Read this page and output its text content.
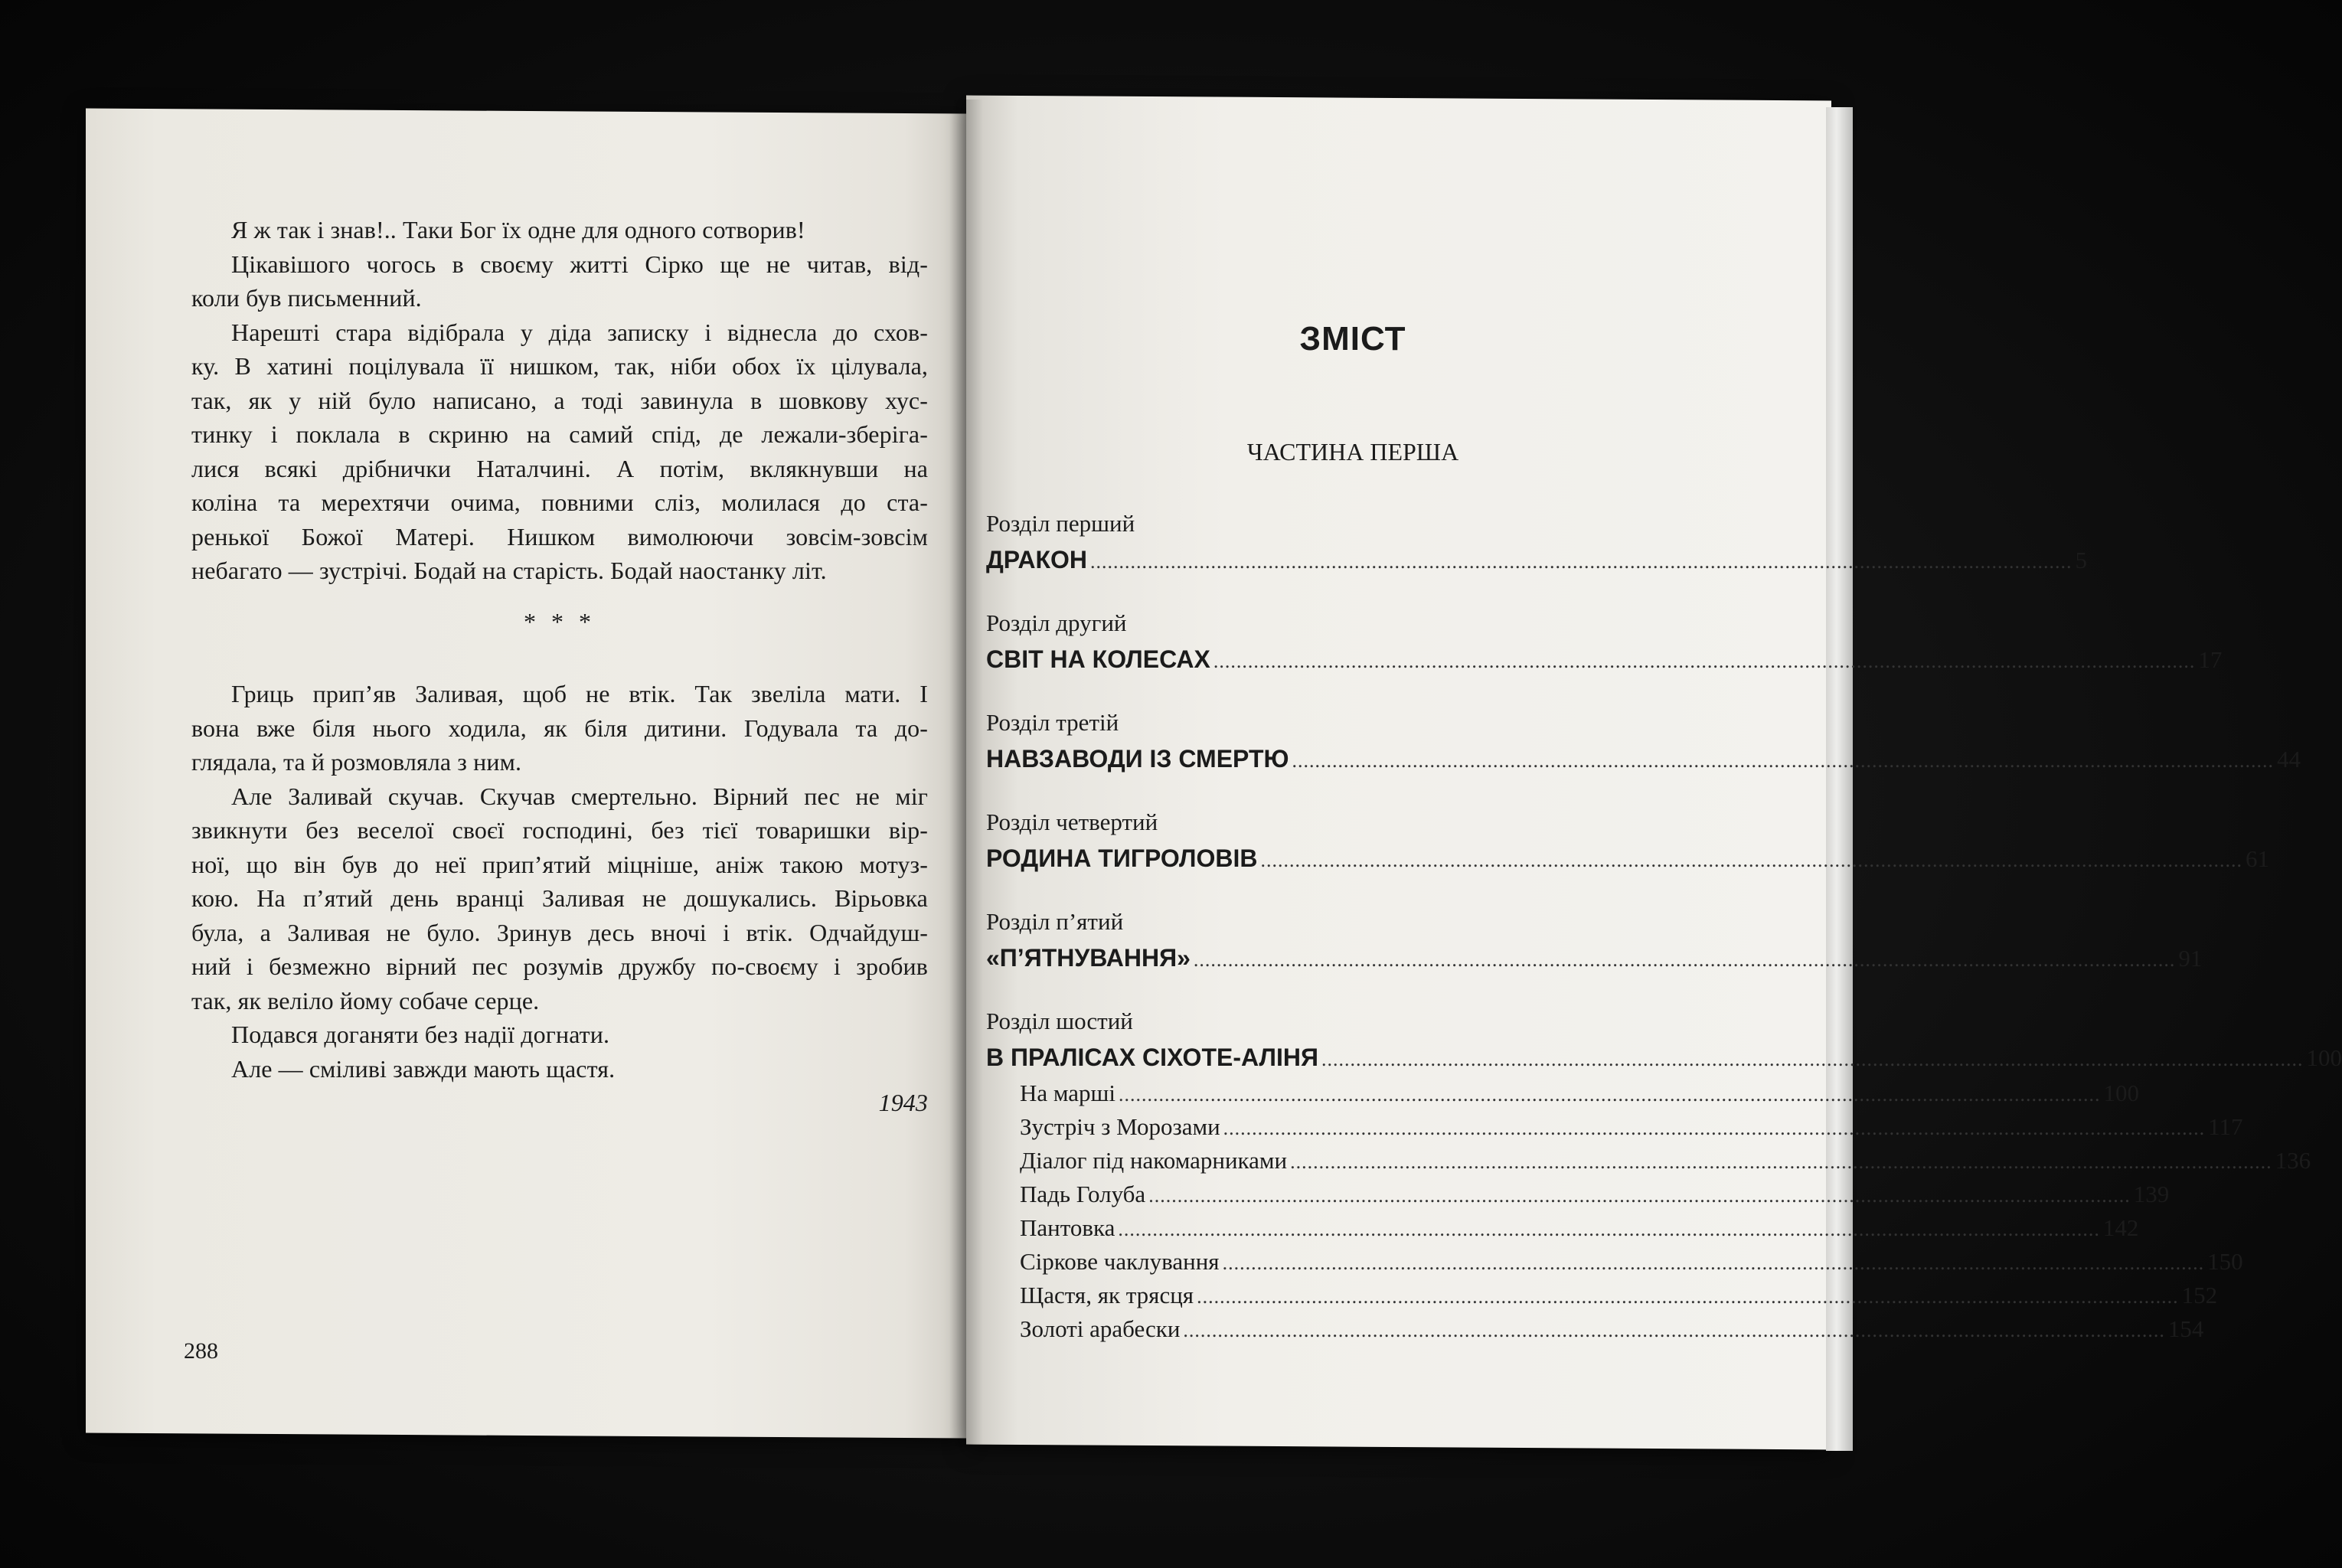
Я ж так і знав!.. Таки Бог їх одне для одного сотворив!
Цікавішого чогось в своєму житті Сірко ще не читав, від-
коли був письменний.
Нарешті стара відібрала у діда записку і віднесла до схов-
ку. В хатині поцілувала її нишком, так, ніби обох їх цілувала,
так, як у ній було написано, а тоді завинула в шовкову хус-
тинку і поклала в скриню на самий спід, де лежали-зберіга-
лися всякі дрібнички Наталчині. А потім, вклякнувши на
коліна та мерехтячи очима, повними сліз, молилася до ста-
ренької Божої Матері. Нишком вимолюючи зовсім-зовсім
небагато — зустрічі. Бодай на старість. Бодай наостанку літ.
* * *
Гриць прип’яв Заливая, щоб не втік. Так звеліла мати. І
вона вже біля нього ходила, як біля дитини. Годувала та до-
глядала, та й розмовляла з ним.
Але Заливай скучав. Скучав смертельно. Вірний пес не міг
звикнути без веселої своєї господині, без тієї товаришки вір-
ної, що він був до неї прип’ятий міцніше, аніж такою мотуз-
кою. На п’ятий день вранці Заливая не дошукались. Вірьовка
була, а Заливая не було. Зринув десь вночі і втік. Одчайдуш-
ний і безмежно вірний пес розумів дружбу по-своєму і зробив
так, як веліло йому собаче серце.
Подався доганяти без надії догнати.
Але — сміливі завжди мають щастя.
1943
288
ЗМІСТ
ЧАСТИНА ПЕРША
Розділ перший
ДРАКОН ........................................................................................................................................................................... 5
Розділ другий
СВІТ НА КОЛЕСАХ ........................................................................................................................................................................... 17
Розділ третій
НАВЗАВОДИ ІЗ СМЕРТЮ ........................................................................................................................................................................... 44
Розділ четвертий
РОДИНА ТИГРОЛОВІВ ........................................................................................................................................................................... 61
Розділ п’ятий
«П’ЯТНУВАННЯ» ........................................................................................................................................................................... 91
Розділ шостий
В ПРАЛІСАХ СІХОТЕ-АЛІНЯ ........................................................................................................................................................................... 100
На марші ........................................................................................................................................................................... 100
Зустріч з Морозами ........................................................................................................................................................................... 117
Діалог під накомарниками ........................................................................................................................................................................... 136
Падь Голуба ........................................................................................................................................................................... 139
Пантовка ........................................................................................................................................................................... 142
Сіркове чаклування ........................................................................................................................................................................... 150
Щастя, як трясця ........................................................................................................................................................................... 152
Золоті арабески ........................................................................................................................................................................... 154
